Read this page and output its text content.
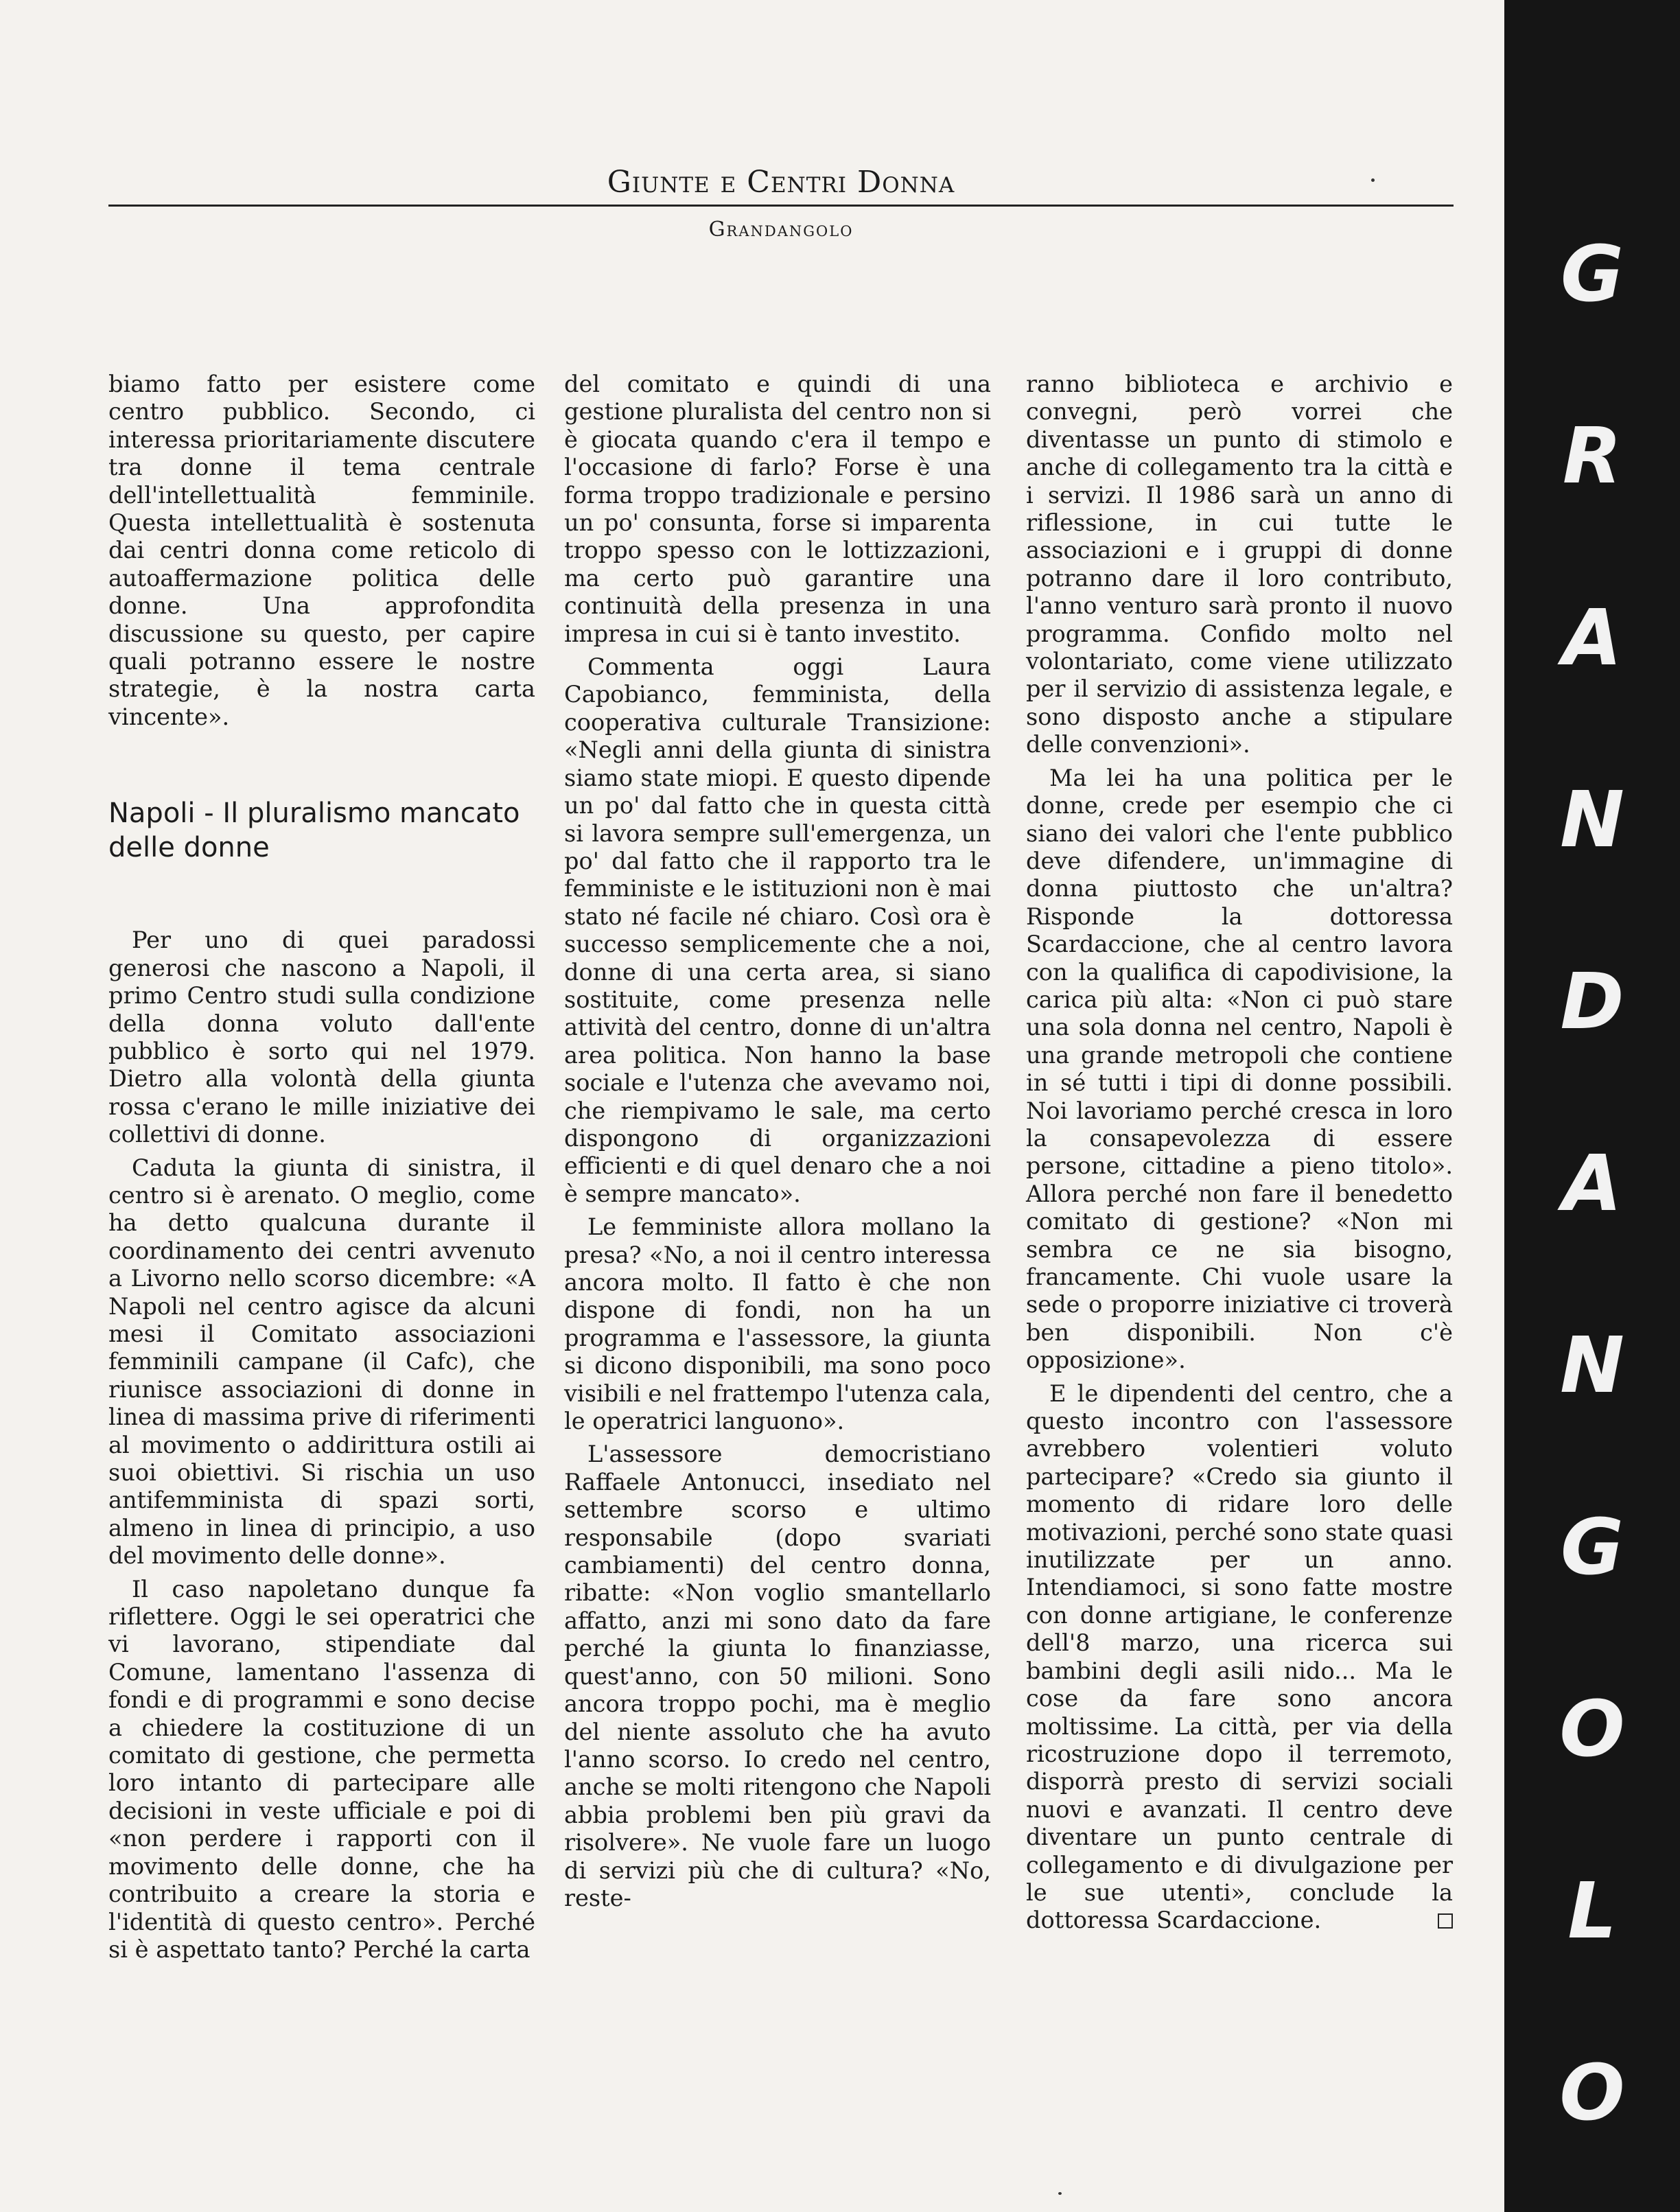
Giunte e Centri Donna
Grandangolo

biamo fatto per esistere come centro pubblico. Secondo, ci interessa prioritariamente discutere tra donne il tema centrale dell'intellettualità femminile. Questa intellettualità è sostenuta dai centri donna come reticolo di autoaffermazione politica delle donne. Una approfondita discussione su questo, per capire quali potranno essere le nostre strategie, è la nostra carta vincente».

Napoli - Il pluralismo mancato delle donne

Per uno di quei paradossi generosi che nascono a Napoli, il primo Centro studi sulla condizione della donna voluto dall'ente pubblico è sorto qui nel 1979. Dietro alla volontà della giunta rossa c'erano le mille iniziative dei collettivi di donne.

Caduta la giunta di sinistra, il centro si è arenato. O meglio, come ha detto qualcuna durante il coordinamento dei centri avvenuto a Livorno nello scorso dicembre: «A Napoli nel centro agisce da alcuni mesi il Comitato associazioni femminili campane (il Cafc), che riunisce associazioni di donne in linea di massima prive di riferimenti al movimento o addirittura ostili ai suoi obiettivi. Si rischia un uso antifemminista di spazi sorti, almeno in linea di principio, a uso del movimento delle donne».

Il caso napoletano dunque fa riflettere. Oggi le sei operatrici che vi lavorano, stipendiate dal Comune, lamentano l'assenza di fondi e di programmi e sono decise a chiedere la costituzione di un comitato di gestione, che permetta loro intanto di partecipare alle decisioni in veste ufficiale e poi di «non perdere i rapporti con il movimento delle donne, che ha contribuito a creare la storia e l'identità di questo centro». Perché si è aspettato tanto? Perché la carta

del comitato e quindi di una gestione pluralista del centro non si è giocata quando c'era il tempo e l'occasione di farlo? Forse è una forma troppo tradizionale e persino un po' consunta, forse si imparenta troppo spesso con le lottizzazioni, ma certo può garantire una continuità della presenza in una impresa in cui si è tanto investito.

Commenta oggi Laura Capobianco, femminista, della cooperativa culturale Transizione: «Negli anni della giunta di sinistra siamo state miopi. E questo dipende un po' dal fatto che in questa città si lavora sempre sull'emergenza, un po' dal fatto che il rapporto tra le femministe e le istituzioni non è mai stato né facile né chiaro. Così ora è successo semplicemente che a noi, donne di una certa area, si siano sostituite, come presenza nelle attività del centro, donne di un'altra area politica. Non hanno la base sociale e l'utenza che avevamo noi, che riempivamo le sale, ma certo dispongono di organizzazioni efficienti e di quel denaro che a noi è sempre mancato».

Le femministe allora mollano la presa? «No, a noi il centro interessa ancora molto. Il fatto è che non dispone di fondi, non ha un programma e l'assessore, la giunta si dicono disponibili, ma sono poco visibili e nel frattempo l'utenza cala, le operatrici languono».

L'assessore democristiano Raffaele Antonucci, insediato nel settembre scorso e ultimo responsabile (dopo svariati cambiamenti) del centro donna, ribatte: «Non voglio smantellarlo affatto, anzi mi sono dato da fare perché la giunta lo finanziasse, quest'anno, con 50 milioni. Sono ancora troppo pochi, ma è meglio del niente assoluto che ha avuto l'anno scorso. Io credo nel centro, anche se molti ritengono che Napoli abbia problemi ben più gravi da risolvere». Ne vuole fare un luogo di servizi più che di cultura? «No, reste-

ranno biblioteca e archivio e convegni, però vorrei che diventasse un punto di stimolo e anche di collegamento tra la città e i servizi. Il 1986 sarà un anno di riflessione, in cui tutte le associazioni e i gruppi di donne potranno dare il loro contributo, l'anno venturo sarà pronto il nuovo programma. Confido molto nel volontariato, come viene utilizzato per il servizio di assistenza legale, e sono disposto anche a stipulare delle convenzioni».

Ma lei ha una politica per le donne, crede per esempio che ci siano dei valori che l'ente pubblico deve difendere, un'immagine di donna piuttosto che un'altra? Risponde la dottoressa Scardaccione, che al centro lavora con la qualifica di capodivisione, la carica più alta: «Non ci può stare una sola donna nel centro, Napoli è una grande metropoli che contiene in sé tutti i tipi di donne possibili. Noi lavoriamo perché cresca in loro la consapevolezza di essere persone, cittadine a pieno titolo». Allora perché non fare il benedetto comitato di gestione? «Non mi sembra ce ne sia bisogno, francamente. Chi vuole usare la sede o proporre iniziative ci troverà ben disponibili. Non c'è opposizione».

E le dipendenti del centro, che a questo incontro con l'assessore avrebbero volentieri voluto partecipare? «Credo sia giunto il momento di ridare loro delle motivazioni, perché sono state quasi inutilizzate per un anno. Intendiamoci, si sono fatte mostre con donne artigiane, le conferenze dell'8 marzo, una ricerca sui bambini degli asili nido... Ma le cose da fare sono ancora moltissime. La città, per via della ricostruzione dopo il terremoto, disporrà presto di servizi sociali nuovi e avanzati. Il centro deve diventare un punto centrale di collegamento e di divulgazione per le sue utenti», conclude la dottoressa Scardaccione.

G
R
A
N
D
A
N
G
O
L
O
